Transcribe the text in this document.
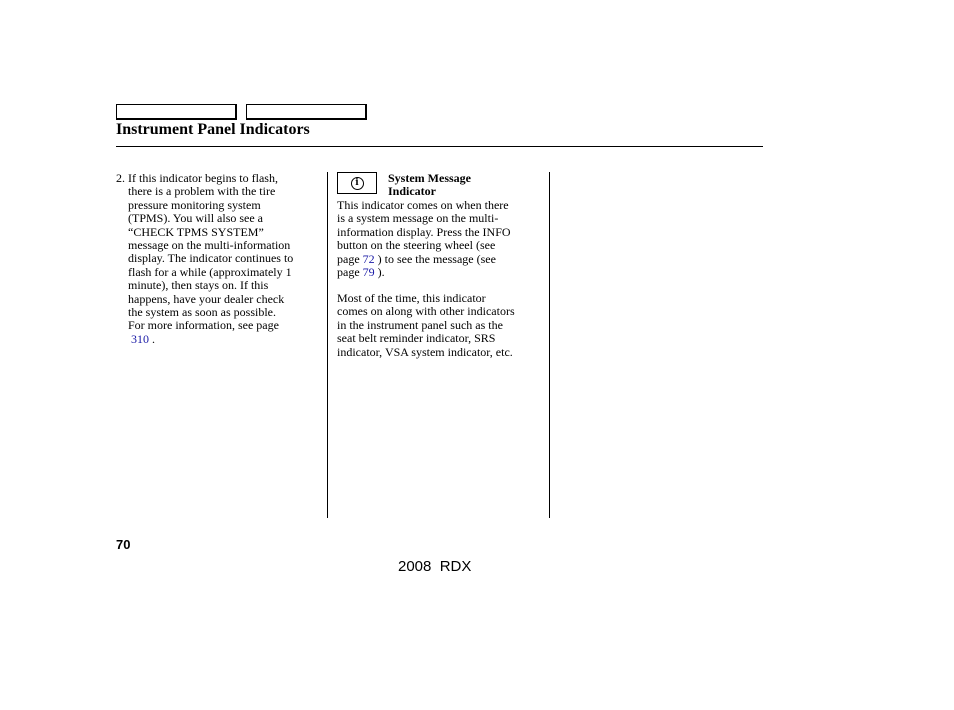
Instrument Panel Indicators
2. If this indicator begins to flash,
there is a problem with the tire
pressure monitoring system
(TPMS). You will also see a
“CHECK TPMS SYSTEM”
message on the multi-information
display. The indicator continues to
flash for a while (approximately 1
minute), then stays on. If this
happens, have your dealer check
the system as soon as possible.
For more information, see page
310 .
i	System Message
Indicator
This indicator comes on when there
is a system message on the multi-
information display. Press the INFO
button on the steering wheel (see
page 72 ) to see the message (see
page 79 ).
Most of the time, this indicator
comes on along with other indicators
in the instrument panel such as the
seat belt reminder indicator, SRS
indicator, VSA system indicator, etc.
70
2008  RDX
